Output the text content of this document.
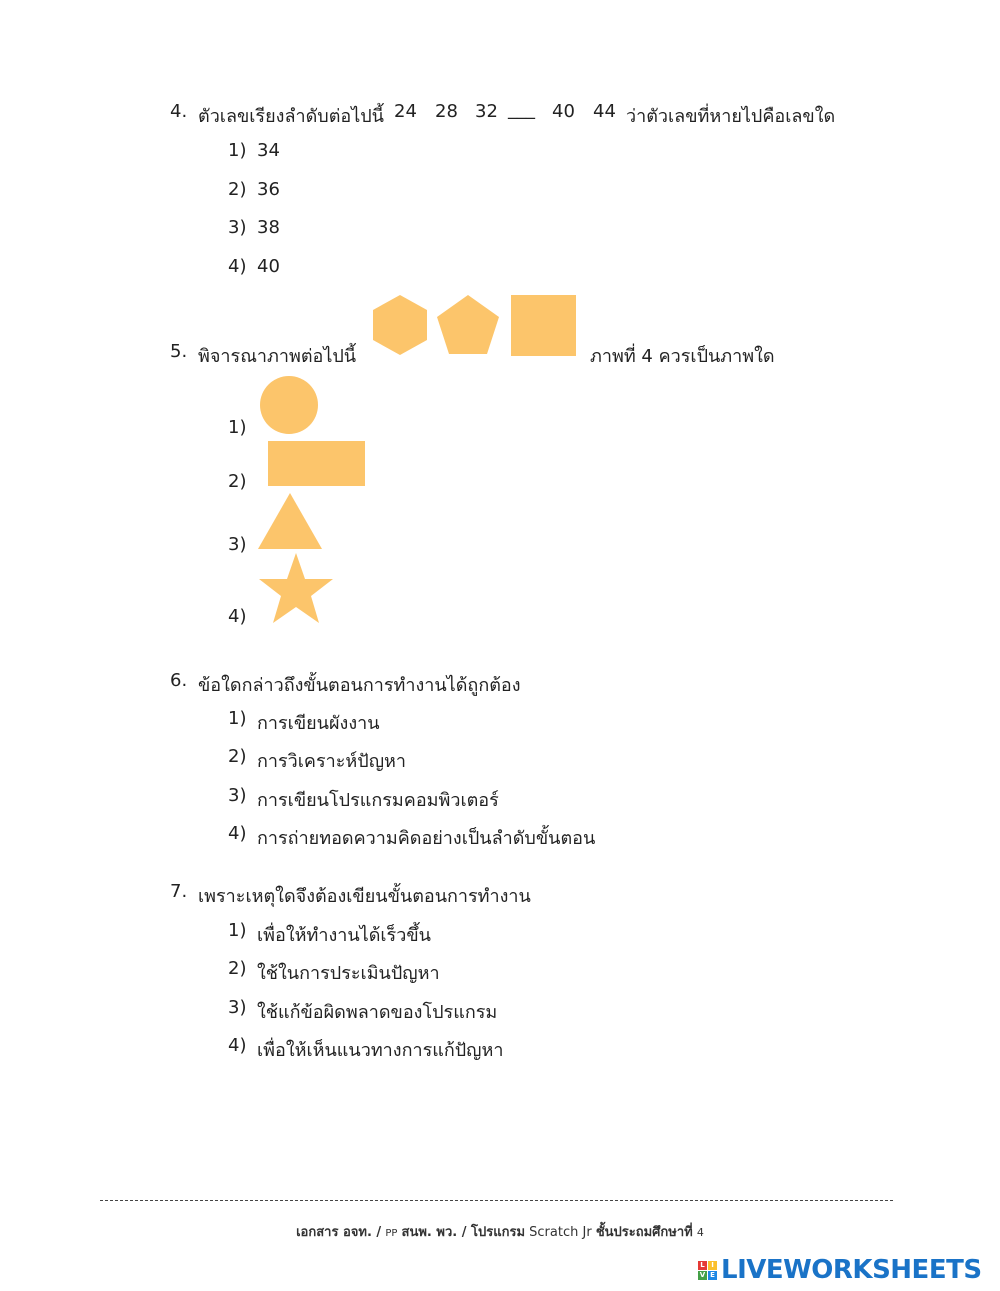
4. ตัวเลขเรียงลำดับต่อไปนี้ 24 28 32 ___ 40 44 ว่าตัวเลขที่หายไปคือเลขใด
1) 34
2) 36
3) 38
4) 40
5. พิจารณาภาพต่อไปนี้	ภาพที่ 4 ควรเป็นภาพใด
1)
2)
3)
4)
6. ข้อใดกล่าวถึงขั้นตอนการทำงานได้ถูกต้อง
1) การเขียนผังงาน
2) การวิเคราะห์ปัญหา
3) การเขียนโปรแกรมคอมพิวเตอร์
4) การถ่ายทอดความคิดอย่างเป็นลำดับขั้นตอน
7. เพราะเหตุใดจึงต้องเขียนขั้นตอนการทำงาน
1) เพื่อให้ทำงานได้เร็วขึ้น
2) ใช้ในการประเมินปัญหา
3) ใช้แก้ข้อผิดพลาดของโปรแกรม
4) เพื่อให้เห็นแนวทางการแก้ปัญหา
เอกสาร อจท. / PP สนพ. พว. / โปรแกรม Scratch Jr ชั้นประถมศึกษาที่ 4
L I
V E LIVEWORKSHEETS
